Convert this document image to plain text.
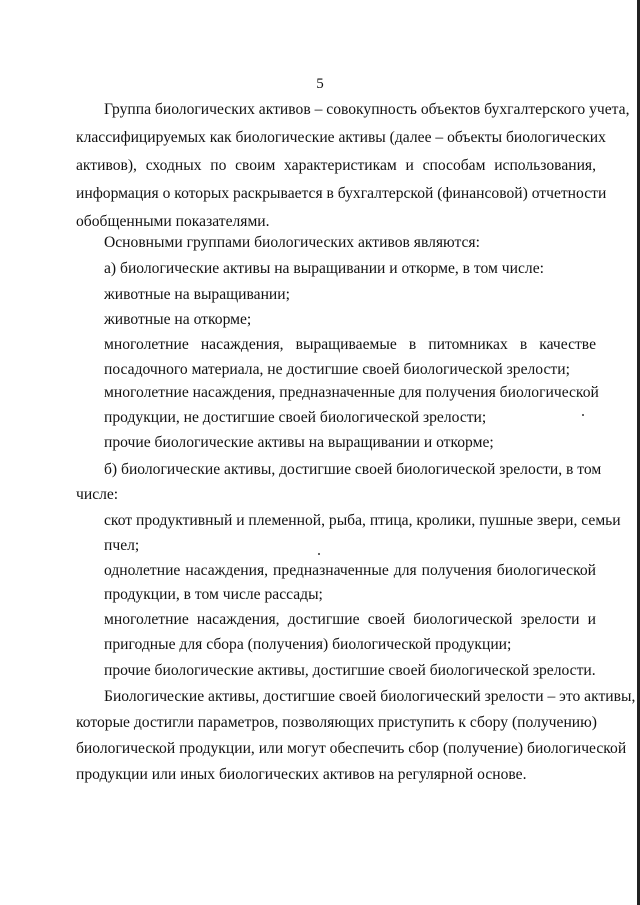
5
Группа биологических активов – совокупность объектов бухгалтерского учета,
классифицируемых как биологические активы (далее – объекты биологических
активов), сходных по своим характеристикам и способам использования,
информация о которых раскрывается в бухгалтерской (финансовой) отчетности
обобщенными показателями.
Основными группами биологических активов являются:
а) биологические активы на выращивании и откорме, в том числе:
животные на выращивании;
животные на откорме;
многолетние насаждения, выращиваемые в питомниках в качестве
посадочного материала, не достигшие своей биологической зрелости;
многолетние насаждения, предназначенные для получения биологической
продукции, не достигшие своей биологической зрелости;
прочие биологические активы на выращивании и откорме;
б) биологические активы, достигшие своей биологической зрелости, в том
числе:
скот продуктивный и племенной, рыба, птица, кролики, пушные звери, семьи
пчел;
однолетние насаждения, предназначенные для получения биологической
продукции, в том числе рассады;
многолетние насаждения, достигшие своей биологической зрелости и
пригодные для сбора (получения) биологической продукции;
прочие биологические активы, достигшие своей биологической зрелости.
Биологические активы, достигшие своей биологический зрелости – это активы,
которые достигли параметров, позволяющих приступить к сбору (получению)
биологической продукции, или могут обеспечить сбор (получение) биологической
продукции или иных биологических активов на регулярной основе.
